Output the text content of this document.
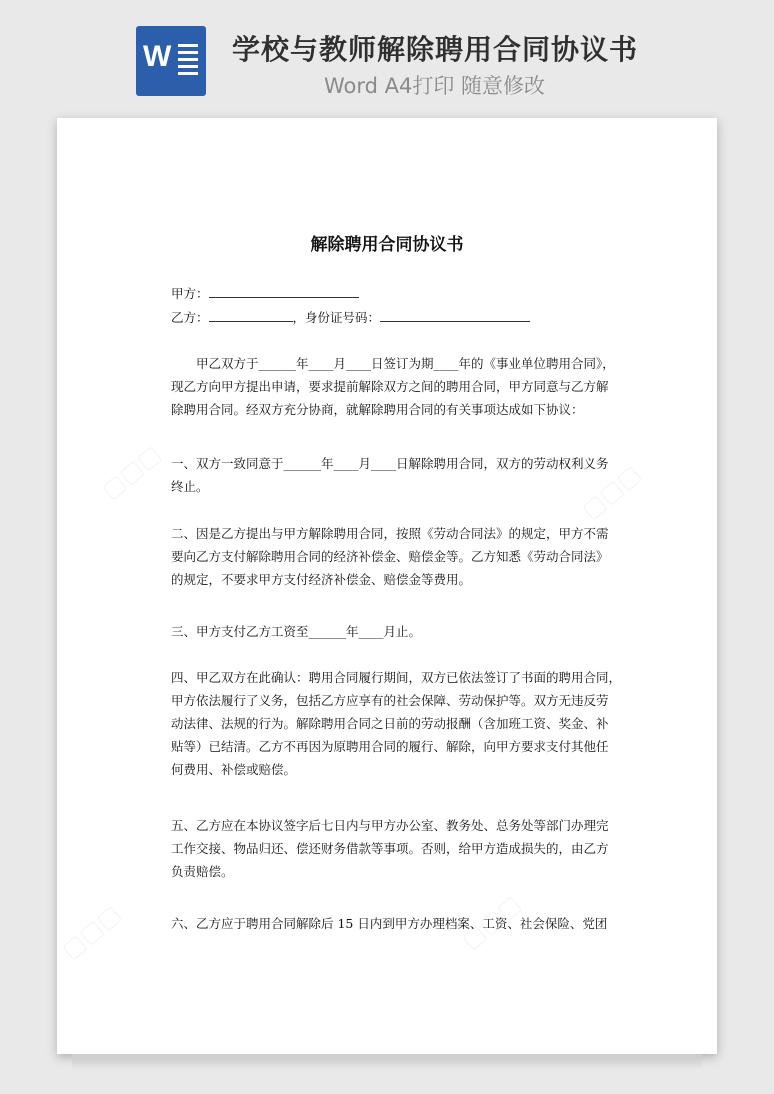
W 学校与教师解除聘用合同协议书
Word A4打印 随意修改
解除聘用合同协议书

甲方：

乙方：	，身份证号码：

　　甲乙双方于______年____月____日签订为期____年的《事业单位聘用合同》，
现乙方向甲方提出申请，要求提前解除双方之间的聘用合同，甲方同意与乙方解
除聘用合同。经双方充分协商，就解除聘用合同的有关事项达成如下协议：

一、双方一致同意于______年____月____日解除聘用合同，双方的劳动权利义务
终止。

二、因是乙方提出与甲方解除聘用合同，按照《劳动合同法》的规定，甲方不需
要向乙方支付解除聘用合同的经济补偿金、赔偿金等。乙方知悉《劳动合同法》
的规定，不要求甲方支付经济补偿金、赔偿金等费用。

三、甲方支付乙方工资至______年____月止。

四、甲乙双方在此确认：聘用合同履行期间，双方已依法签订了书面的聘用合同，
甲方依法履行了义务，包括乙方应享有的社会保障、劳动保护等。双方无违反劳
动法律、法规的行为。解除聘用合同之日前的劳动报酬（含加班工资、奖金、补
贴等）已结清。乙方不再因为原聘用合同的履行、解除，向甲方要求支付其他任
何费用、补偿或赔偿。

五、乙方应在本协议签字后七日内与甲方办公室、教务处、总务处等部门办理完
工作交接、物品归还、偿还财务借款等事项。否则，给甲方造成损失的，由乙方
负责赔偿。

六、乙方应于聘用合同解除后 15 日内到甲方办理档案、工资、社会保险、党团
